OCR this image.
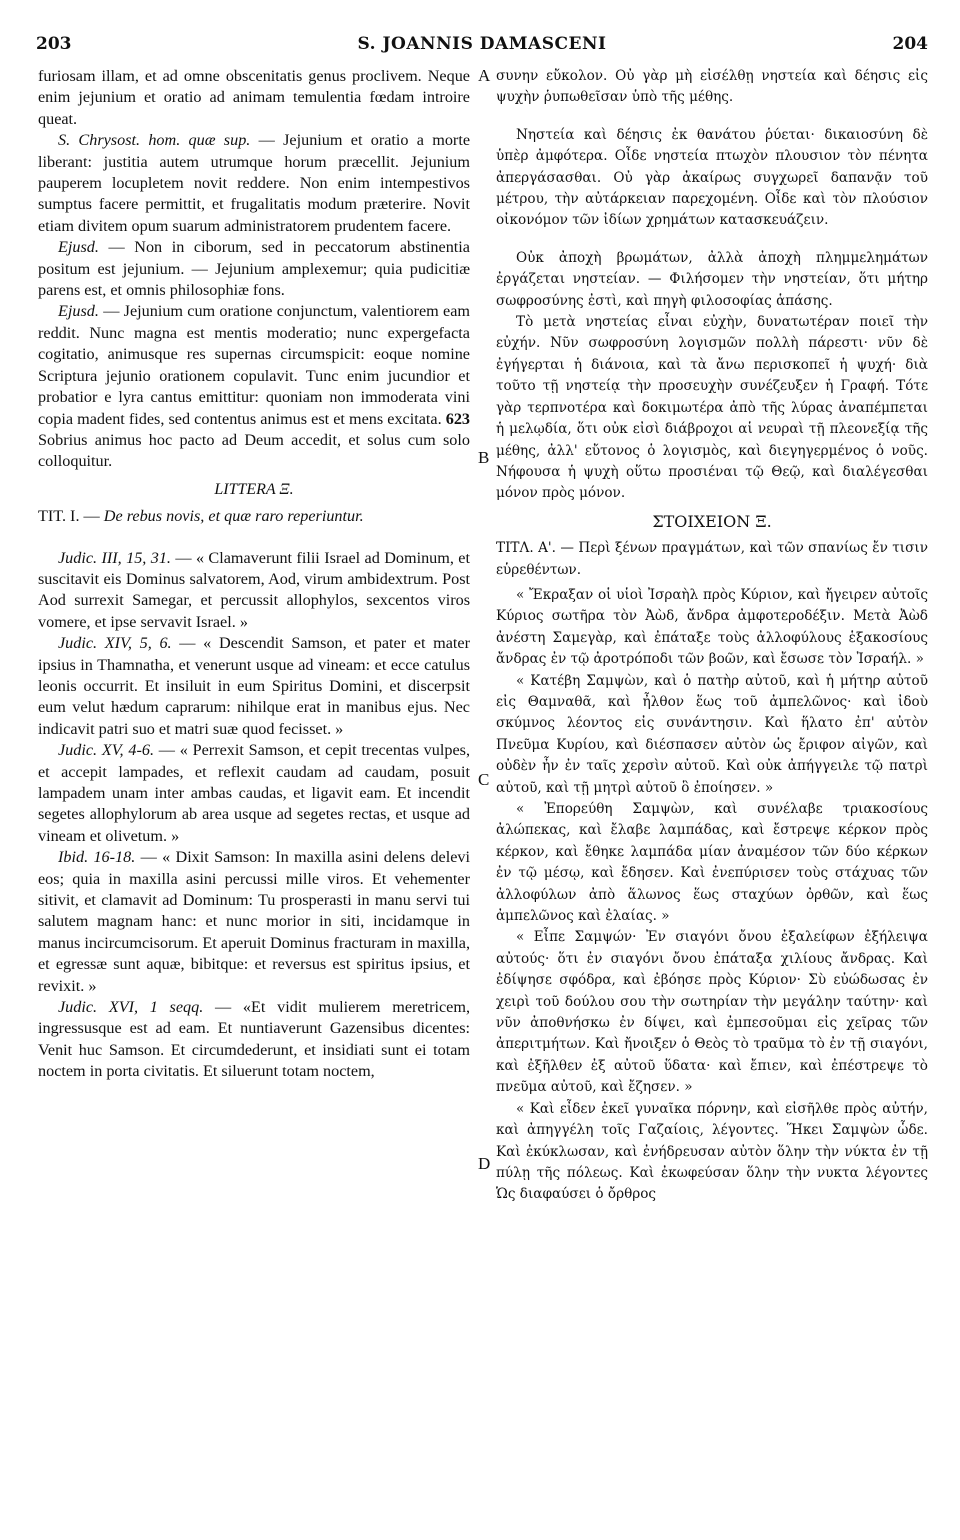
203	S. JOANNIS DAMASCENI	204
A
B
C
D

furiosam illam, et ad omne obscenitatis genus proclivem. Neque enim jejunium et oratio ad animam temulentia fœdam introire queat.

S. Chrysost. hom. quæ sup. — Jejunium et oratio a morte liberant: justitia autem utrumque horum præcellit. Jejunium pauperem locupletem novit reddere. Non enim intempestivos sumptus facere permittit, et frugalitatis modum præterire. Novit etiam divitem opum suarum administratorem prudentem facere.

Ejusd. — Non in ciborum, sed in peccatorum abstinentia positum est jejunium. — Jejunium amplexemur; quia pudicitiæ parens est, et omnis philosophiæ fons.

Ejusd. — Jejunium cum oratione conjunctum, valentiorem eam reddit. Nunc magna est mentis moderatio; nunc expergefacta cogitatio, animusque res supernas circumspicit: eoque nomine Scriptura jejunio orationem copulavit. Tunc enim jucundior et probatior e lyra cantus emittitur: quoniam non immoderata vini copia madent fides, sed contentus animus est et mens excitata. 623 Sobrius animus hoc pacto ad Deum accedit, et solus cum solo colloquitur.

LITTERA Ξ.

TIT. I. — De rebus novis, et quæ raro reperiuntur.

Judic. III, 15, 31. — « Clamaverunt filii Israel ad Dominum, et suscitavit eis Dominus salvatorem, Aod, virum ambidextrum. Post Aod surrexit Samegar, et percussit allophylos, sexcentos viros vomere, et ipse servavit Israel. »

Judic. XIV, 5, 6. — « Descendit Samson, et pater et mater ipsius in Thamnatha, et venerunt usque ad vineam: et ecce catulus leonis occurrit. Et insiluit in eum Spiritus Domini, et discerpsit eum velut hædum caprarum: nihilque erat in manibus ejus. Nec indicavit patri suo et matri suæ quod fecisset. »

Judic. XV, 4-6. — « Perrexit Samson, et cepit trecentas vulpes, et accepit lampades, et reflexit caudam ad caudam, posuit lampadem unam inter ambas caudas, et ligavit eam. Et incendit segetes allophylorum ab area usque ad segetes rectas, et usque ad vineam et olivetum. »

Ibid. 16-18. — « Dixit Samson: In maxilla asini delens delevi eos; quia in maxilla asini percussi mille viros. Et vehementer sitivit, et clamavit ad Dominum: Tu prosperasti in manu servi tui salutem magnam hanc: et nunc morior in siti, incidamque in manus incircumcisorum. Et aperuit Dominus fracturam in maxilla, et egressæ sunt aquæ, bibitque: et reversus est spiritus ipsius, et revixit. »

Judic. XVI, 1 seqq. — «Et vidit mulierem meretricem, ingressusque est ad eam. Et nuntiaverunt Gazensibus dicentes: Venit huc Samson. Et circumdederunt, et insidiati sunt ei totam noctem in porta civitatis. Et siluerunt totam noctem,

συνην εὔκολον. Οὐ γὰρ μὴ εἰσέλθῃ νηστεία καὶ δέησις εἰς ψυχὴν ῥυπωθεῖσαν ὑπὸ τῆς μέθης.

Νηστεία καὶ δέησις ἐκ θανάτου ῥύεται· δικαιοσύνη δὲ ὑπὲρ ἀμφότερα. Οἶδε νηστεία πτωχὸν πλουσιον τὸν πένητα ἀπεργάσασθαι. Οὐ γὰρ ἀκαίρως συγχωρεῖ δαπανᾷν τοῦ μέτρου, τὴν αὐτάρκειαν παρεχομένη. Οἶδε καὶ τὸν πλούσιον οἰκονόμον τῶν ἰδίων χρημάτων κατασκευάζειν.

Οὐκ ἀποχὴ βρωμάτων, ἀλλὰ ἀποχὴ πλημμελημάτων ἐργάζεται νηστείαν. — Φιλήσομεν τὴν νηστείαν, ὅτι μήτηρ σωφροσύνης ἐστὶ, καὶ πηγὴ φιλοσοφίας ἁπάσης.

Τὸ μετὰ νηστείας εἶναι εὐχὴν, δυνατωτέραν ποιεῖ τὴν εὐχήν. Νῦν σωφροσύνη λογισμῶν πολλὴ πάρεστι· νῦν δὲ ἐγήγερται ἡ διάνοια, καὶ τὰ ἄνω περισκοπεῖ ἡ ψυχή· διὰ τοῦτο τῇ νηστείᾳ τὴν προσευχὴν συνέζευξεν ἡ Γραφή. Τότε γὰρ τερπνοτέρα καὶ δοκιμωτέρα ἀπὸ τῆς λύρας ἀναπέμπεται ἡ μελῳδία, ὅτι οὐκ εἰσὶ διάβροχοι αἱ νευραὶ τῇ πλεονεξίᾳ τῆς μέθης, ἀλλ' εὔτονος ὁ λογισμὸς, καὶ διεγηγερμένος ὁ νοῦς. Νήφουσα ἡ ψυχὴ οὕτω προσιέναι τῷ Θεῷ, καὶ διαλέγεσθαι μόνον πρὸς μόνον.

ΣΤΟΙΧΕΙΟΝ Ξ.

ΤΙΤΛ. Α'. — Περὶ ξένων πραγμάτων, καὶ τῶν σπανίως ἔν τισιν εὑρεθέντων.

« Ἔκραξαν οἱ υἱοὶ Ἰσραὴλ πρὸς Κύριον, καὶ ἤγειρεν αὐτοῖς Κύριος σωτῆρα τὸν Ἀὼδ, ἄνδρα ἀμφοτεροδέξιν. Μετὰ Ἀὼδ ἀνέστη Σαμεγὰρ, καὶ ἐπάταξε τοὺς ἀλλοφύλους ἑξακοσίους ἄνδρας ἐν τῷ ἀροτρόποδι τῶν βοῶν, καὶ ἔσωσε τὸν Ἰσραήλ. »

« Κατέβη Σαμψὼν, καὶ ὁ πατὴρ αὐτοῦ, καὶ ἡ μήτηρ αὐτοῦ εἰς Θαμναθᾶ, καὶ ἦλθον ἕως τοῦ ἀμπελῶνος· καὶ ἰδοὺ σκύμνος λέοντος εἰς συνάντησιν. Καὶ ἥλατο ἐπ' αὐτὸν Πνεῦμα Κυρίου, καὶ διέσπασεν αὐτὸν ὡς ἔριφον αἰγῶν, καὶ οὐδὲν ἦν ἐν ταῖς χερσὶν αὐτοῦ. Καὶ οὐκ ἀπήγγειλε τῷ πατρὶ αὐτοῦ, καὶ τῇ μητρὶ αὐτοῦ ὃ ἐποίησεν. »

« Ἐπορεύθη Σαμψὼν, καὶ συνέλαβε τριακοσίους ἀλώπεκας, καὶ ἔλαβε λαμπάδας, καὶ ἔστρεψε κέρκον πρὸς κέρκον, καὶ ἔθηκε λαμπάδα μίαν ἀναμέσον τῶν δύο κέρκων ἐν τῷ μέσῳ, καὶ ἔδησεν. Καὶ ἐνεπύρισεν τοὺς στάχυας τῶν ἀλλοφύλων ἀπὸ ἅλωνος ἕως σταχύων ὀρθῶν, καὶ ἕως ἀμπελῶνος καὶ ἐλαίας. »

« Εἶπε Σαμψών· Ἐν σιαγόνι ὄνου ἐξαλείφων ἐξήλειψα αὐτούς· ὅτι ἐν σιαγόνι ὄνου ἐπάταξα χιλίους ἄνδρας. Καὶ ἐδίψησε σφόδρα, καὶ ἐβόησε πρὸς Κύριον· Σὺ εὐώδωσας ἐν χειρὶ τοῦ δούλου σου τὴν σωτηρίαν τὴν μεγάλην ταύτην· καὶ νῦν ἀποθνήσκω ἐν δίψει, καὶ ἐμπεσοῦμαι εἰς χεῖρας τῶν ἀπεριτμήτων. Καὶ ἤνοιξεν ὁ Θεὸς τὸ τραῦμα τὸ ἐν τῇ σιαγόνι, καὶ ἐξῆλθεν ἐξ αὐτοῦ ὕδατα· καὶ ἔπιεν, καὶ ἐπέστρεψε τὸ πνεῦμα αὐτοῦ, καὶ ἔζησεν. »

« Καὶ εἶδεν ἐκεῖ γυναῖκα πόρνην, καὶ εἰσῆλθε πρὸς αὐτήν, καὶ ἀπηγγέλη τοῖς Γαζαίοις, λέγοντες. Ἥκει Σαμψὼν ὧδε. Καὶ ἐκύκλωσαν, καὶ ἐνήδρευσαν αὐτὸν ὅλην τὴν νύκτα ἐν τῇ πύλῃ τῆς πόλεως. Καὶ ἐκωφεύσαν ὅλην τὴν νυκτα λέγοντες Ὡς διαφαύσει ὁ ὄρθρος
